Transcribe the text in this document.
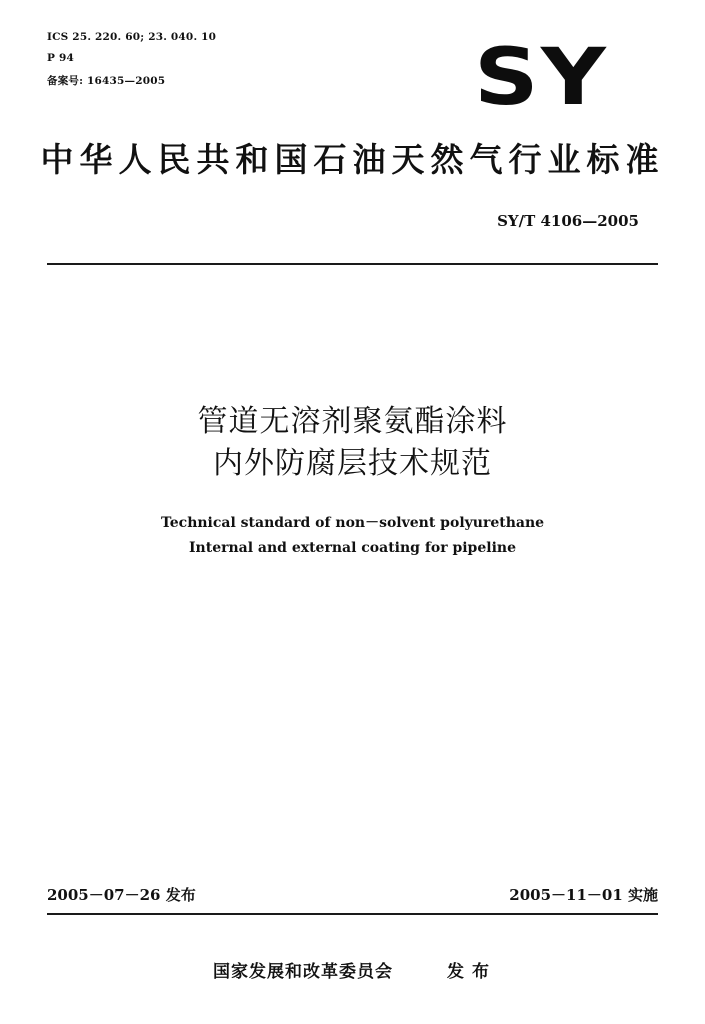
ICS 25. 220. 60; 23. 040. 10
P 94
备案号: 16435—2005	SY
中华人民共和国石油天然气行业标准
SY/T 4106—2005
管道无溶剂聚氨酯涂料
内外防腐层技术规范
Technical standard of non－solvent polyurethane
Internal and external coating for pipeline
2005－07－26 发布	2005－11－01 实施
国家发展和改革委员会	发布
